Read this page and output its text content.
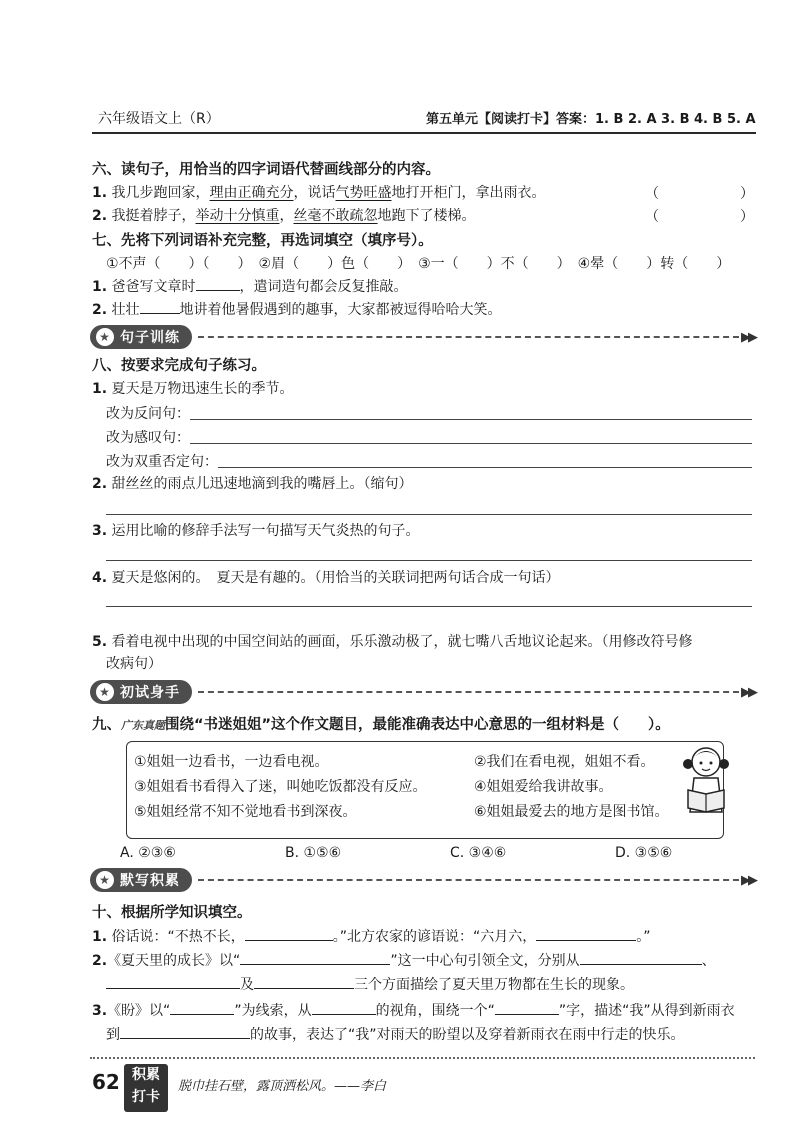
六年级语文上（R）	第五单元【阅读打卡】答案：1. B 2. A 3. B 4. B 5. A
六、读句子，用恰当的四字词语代替画线部分的内容。
1. 我几步跑回家，理由正确充分，说话气势旺盛地打开柜门，拿出雨衣。	（	）
2. 我挺着脖子，举动十分慎重，丝毫不敢疏忽地跑下了楼梯。	（	）
七、先将下列词语补充完整，再选词填空（填序号）。
①不声（　　）（　　）　②眉（　　）色（　　）　③一（　　）不（　　）　④晕（　　）转（　　）
1. 爸爸写文章时	，遣词造句都会反复推敲。
2. 壮壮	地讲着他暑假遇到的趣事，大家都被逗得哈哈大笑。
★ 句子训练	▶▶
八、按要求完成句子练习。
1. 夏天是万物迅速生长的季节。
改为反问句：
改为感叹句：
改为双重否定句：
2. 甜丝丝的雨点儿迅速地滴到我的嘴唇上。（缩句）
3. 运用比喻的修辞手法写一句描写天气炎热的句子。
4. 夏天是悠闲的。　夏天是有趣的。（用恰当的关联词把两句话合成一句话）
5. 看着电视中出现的中国空间站的画面，乐乐激动极了，就七嘴八舌地议论起来。（用修改符号修
改病句）
★ 初试身手	▶▶
九、广东真题围绕“书迷姐姐”这个作文题目，最能准确表达中心意思的一组材料是（　　）。
①姐姐一边看书，一边看电视。	②我们在看电视，姐姐不看。
③姐姐看书看得入了迷，叫她吃饭都没有反应。	④姐姐爱给我讲故事。
⑤姐姐经常不知不觉地看书到深夜。	⑥姐姐最爱去的地方是图书馆。
A. ②③⑥	B. ①⑤⑥	C. ③④⑥	D. ③⑤⑥
★ 默写积累	▶▶
十、根据所学知识填空。
1. 俗话说：“不热不长，	。”北方农家的谚语说：“六月六，	。”
2.《夏天里的成长》以“	”这一中心句引领全文，分别从	、
及	三个方面描绘了夏天里万物都在生长的现象。
3.《盼》以“	”为线索，从	的视角，围绕一个“	”字，描述“我”从得到新雨衣
到	的故事，表达了“我”对雨天的盼望以及穿着新雨衣在雨中行走的快乐。
62 积累
打卡
脱巾挂石壁，露顶洒松风。——李白
